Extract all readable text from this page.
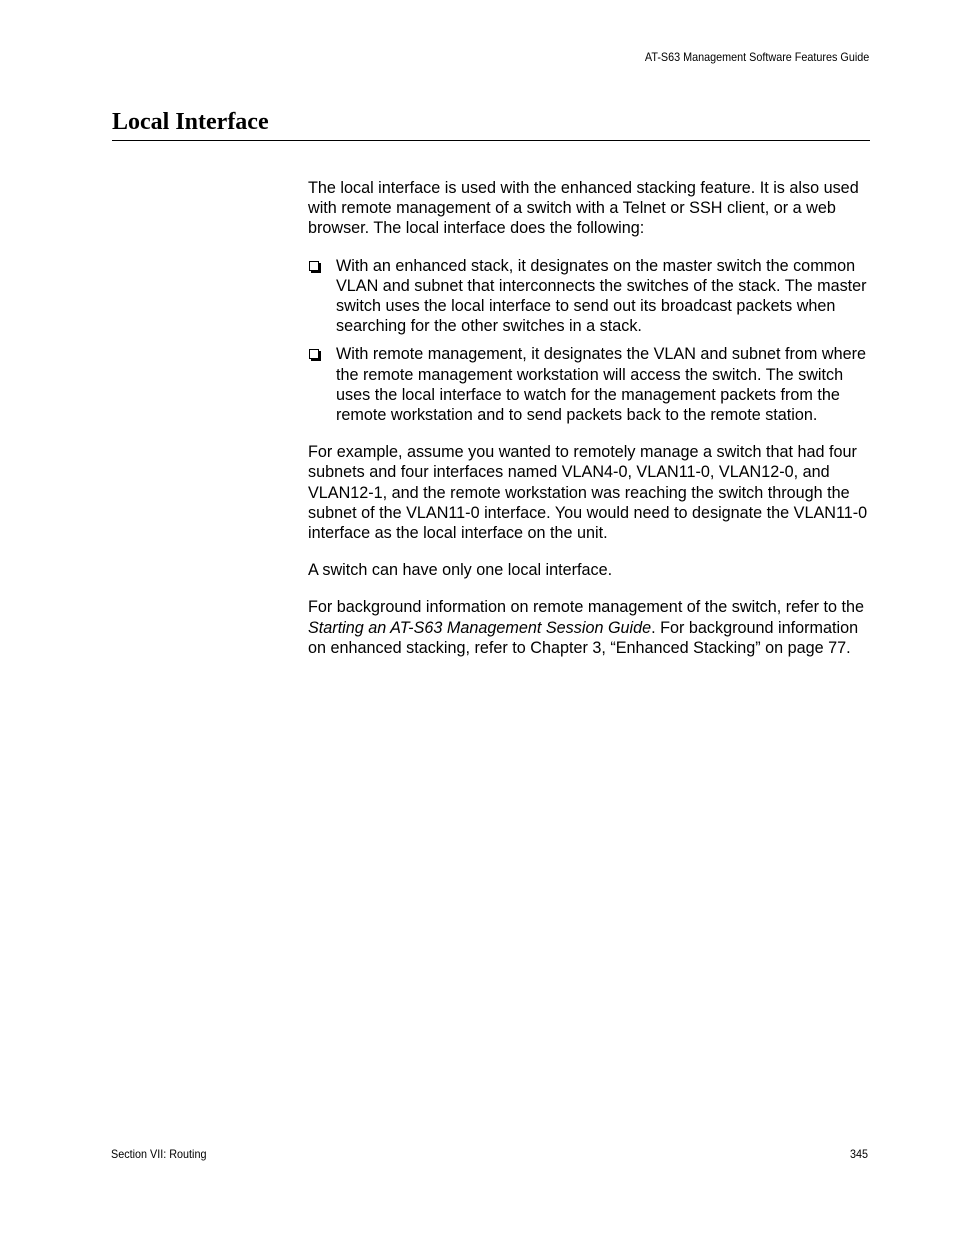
AT-S63 Management Software Features Guide
Local Interface

The local interface is used with the enhanced stacking feature. It is also used with remote management of a switch with a Telnet or SSH client, or a web browser. The local interface does the following:

With an enhanced stack, it designates on the master switch the common VLAN and subnet that interconnects the switches of the stack. The master switch uses the local interface to send out its broadcast packets when searching for the other switches in a stack.
With remote management, it designates the VLAN and subnet from where the remote management workstation will access the switch. The switch uses the local interface to watch for the management packets from the remote workstation and to send packets back to the remote station.

For example, assume you wanted to remotely manage a switch that had four subnets and four interfaces named VLAN4-0, VLAN11-0, VLAN12-0, and VLAN12-1, and the remote workstation was reaching the switch through the subnet of the VLAN11-0 interface. You would need to designate the VLAN11-0 interface as the local interface on the unit.

A switch can have only one local interface.

For background information on remote management of the switch, refer to the Starting an AT-S63 Management Session Guide. For background information on enhanced stacking, refer to Chapter 3, “Enhanced Stacking” on page 77.

Section VII: Routing	345
